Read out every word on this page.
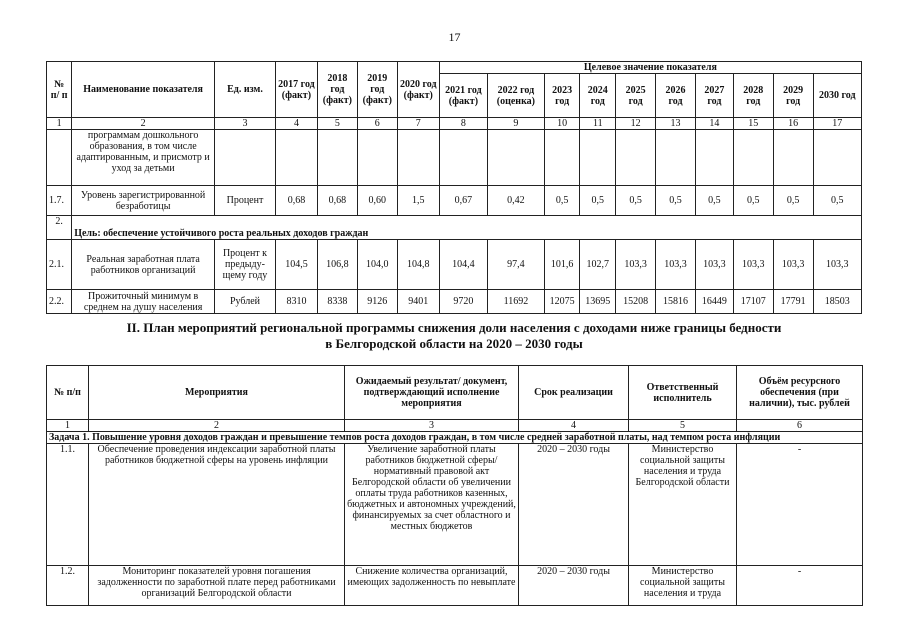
17
№ п/ п	Наименование показателя	Ед. изм.	2017 год (факт)	2018 год (факт)	2019 год (факт)	2020 год (факт)	Целевое значение показателя									
							2021 год (факт)	2022 год (оценка)	2023 год	2024 год	2025 год	2026 год	2027 год	2028 год	2029 год	2030 год
1	2	3	4	5	6	7	8	9	10	11	12	13	14	15	16	17
	программам дошкольного образования, в том числе адаптированным, и присмотр и уход за детьми															
1.7.	Уровень зарегистрированной безработицы	Процент	0,68	0,68	0,60	1,5	0,67	0,42	0,5	0,5	0,5	0,5	0,5	0,5	0,5	0,5
2.	Цель: обеспечение устойчивого роста реальных доходов граждан															
2.1.	Реальная заработная плата работников организаций	Процент к предыду- щему году	104,5	106,8	104,0	104,8	104,4	97,4	101,6	102,7	103,3	103,3	103,3	103,3	103,3	103,3
2.2.	Прожиточный минимум в среднем на душу населения	Рублей	8310	8338	9126	9401	9720	11692	12075	13695	15208	15816	16449	17107	17791	18503
II. План мероприятий региональной программы снижения доли населения с доходами ниже границы бедности
в Белгородской области на 2020 – 2030 годы
№ п/п	Мероприятия	Ожидаемый результат/ документ, подтверждающий исполнение мероприятия	Срок реализации	Ответственный исполнитель	Объём ресурсного обеспечения (при наличии), тыс. рублей
1	2	3	4	5	6
Задача 1. Повышение уровня доходов граждан и превышение темпов роста доходов граждан, в том числе средней заработной платы, над темпом роста инфляции					
1.1.	Обеспечение проведения индексации заработной платы работников бюджетной сферы на уровень инфляции	Увеличение заработной платы работников бюджетной сферы/ нормативный правовой акт Белгородской области об увеличении оплаты труда работников казенных, бюджетных и автономных учреждений, финансируемых за счет областного и местных бюджетов	2020 – 2030 годы	Министерство социальной защиты населения и труда Белгородской области	-
1.2.	Мониторинг показателей уровня погашения задолженности по заработной плате перед работниками организаций Белгородской области	Снижение количества организаций, имеющих задолженность по невыплате	2020 – 2030 годы	Министерство социальной защиты населения и труда	-
